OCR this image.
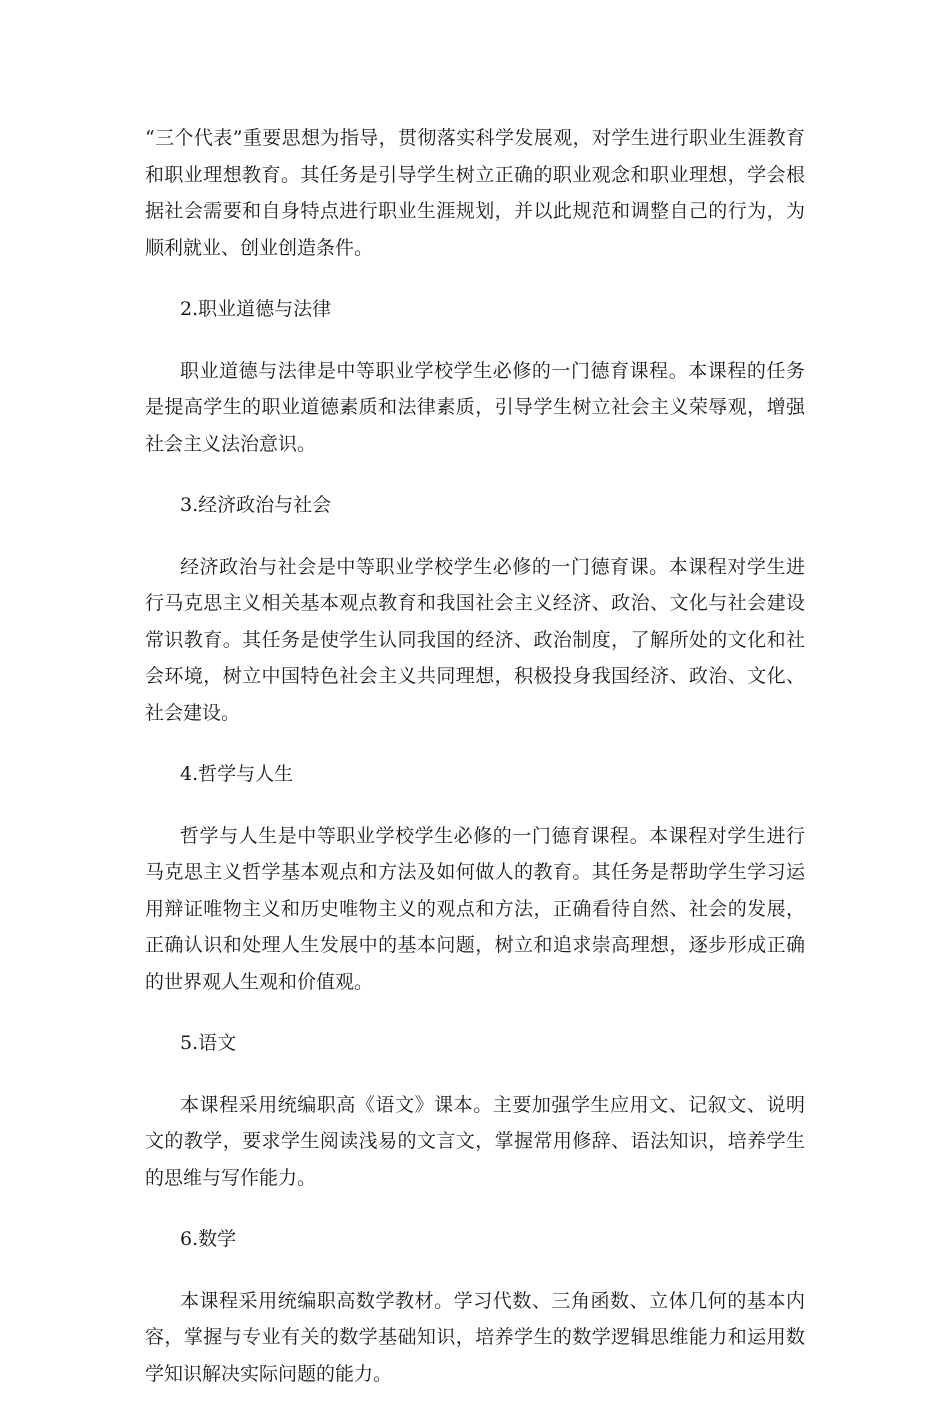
“三个代表”重要思想为指导，贯彻落实科学发展观，对学生进行职业生涯教育和职业理想教育。其任务是引导学生树立正确的职业观念和职业理想，学会根据社会需要和自身特点进行职业生涯规划，并以此规范和调整自己的行为，为顺利就业、创业创造条件。

2.职业道德与法律

职业道德与法律是中等职业学校学生必修的一门德育课程。本课程的任务是提高学生的职业道德素质和法律素质，引导学生树立社会主义荣辱观，增强社会主义法治意识。

3.经济政治与社会

经济政治与社会是中等职业学校学生必修的一门德育课。本课程对学生进行马克思主义相关基本观点教育和我国社会主义经济、政治、文化与社会建设常识教育。其任务是使学生认同我国的经济、政治制度，了解所处的文化和社会环境，树立中国特色社会主义共同理想，积极投身我国经济、政治、文化、社会建设。

4.哲学与人生

哲学与人生是中等职业学校学生必修的一门德育课程。本课程对学生进行马克思主义哲学基本观点和方法及如何做人的教育。其任务是帮助学生学习运用辩证唯物主义和历史唯物主义的观点和方法，正确看待自然、社会的发展，正确认识和处理人生发展中的基本问题，树立和追求崇高理想，逐步形成正确的世界观人生观和价值观。

5.语文

本课程采用统编职高《语文》课本。主要加强学生应用文、记叙文、说明文的教学，要求学生阅读浅易的文言文，掌握常用修辞、语法知识，培养学生的思维与写作能力。

6.数学

本课程采用统编职高数学教材。学习代数、三角函数、立体几何的基本内容，掌握与专业有关的数学基础知识，培养学生的数学逻辑思维能力和运用数学知识解决实际问题的能力。
